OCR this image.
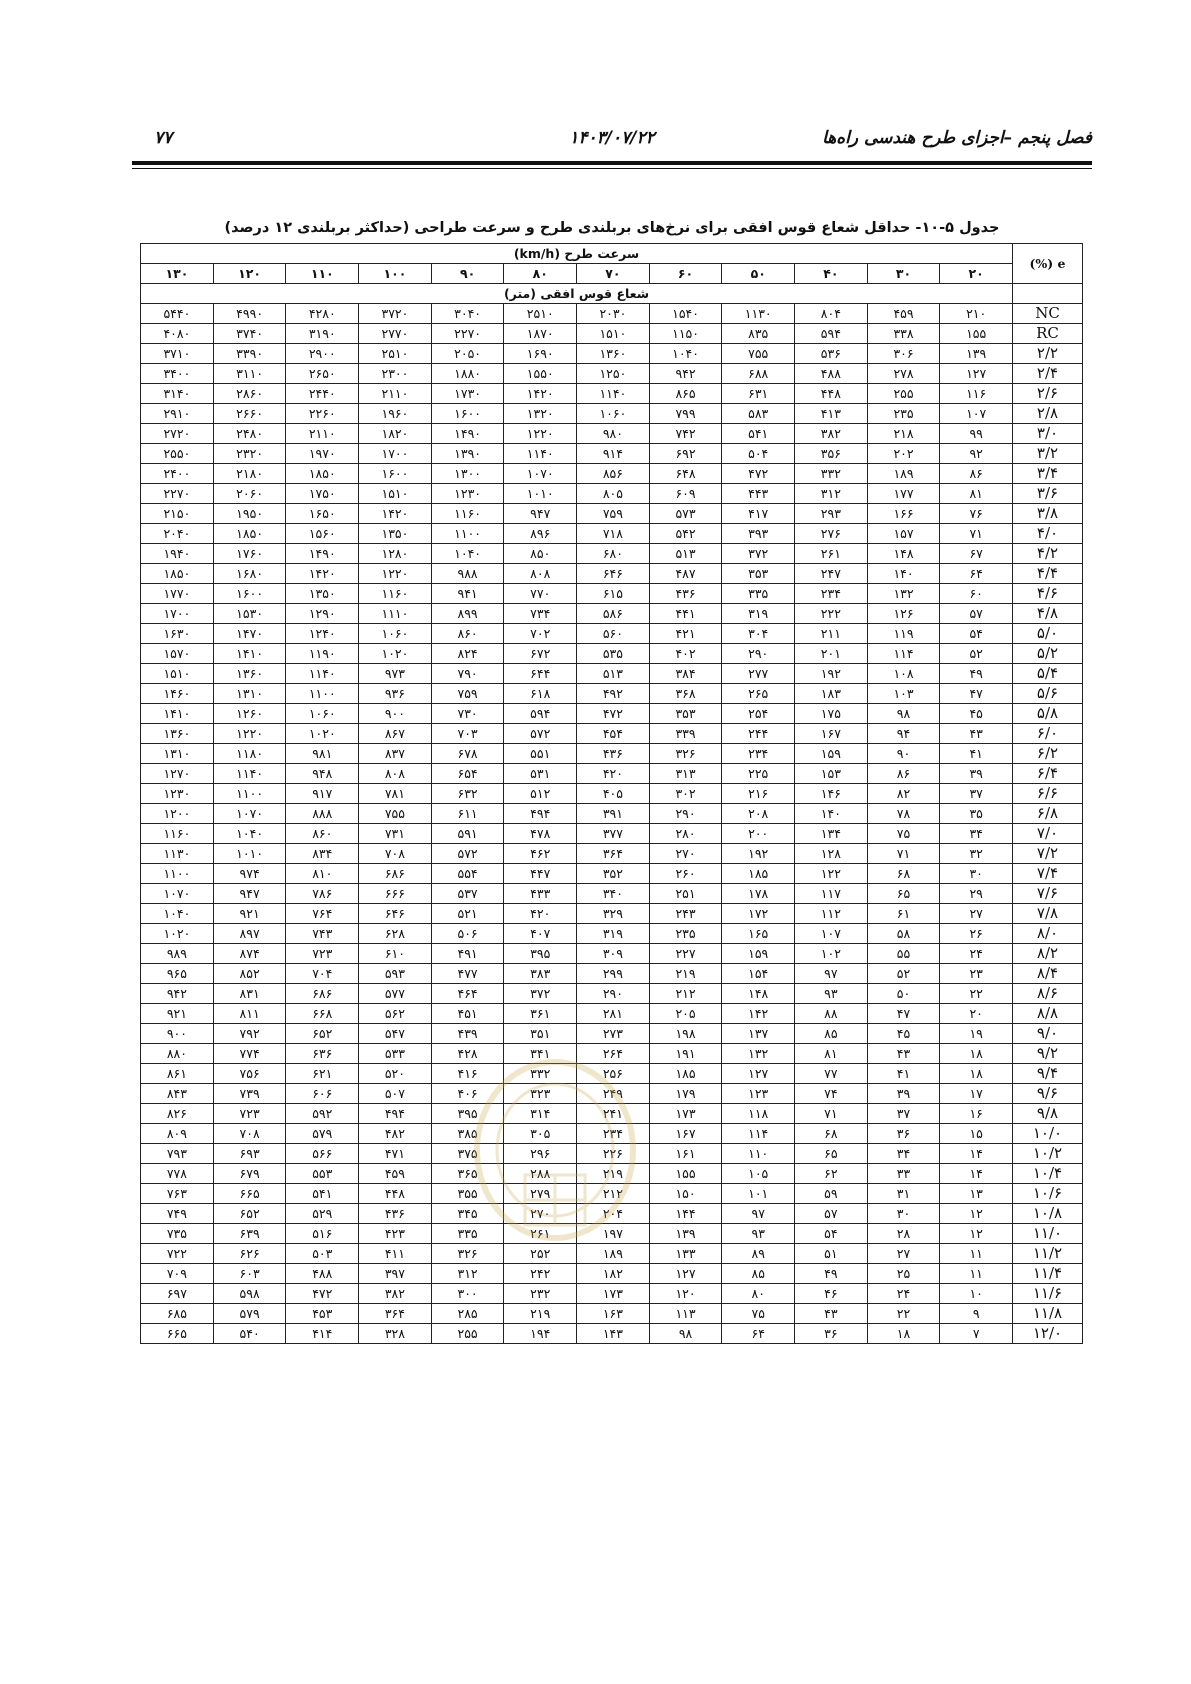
فصل پنجم –اجزای طرح هندسی راه‌ها
۱۴۰۳/۰۷/۲۲
۷۷
جدول ۵-۱۰- حداقل شعاع قوس افقی برای نرخ‌های بربلندی طرح و سرعت طراحی (حداکثر بربلندی ۱۲ درصد)
e (%)	سرعت طرح (km/h)											
	۲۰	۳۰	۴۰	۵۰	۶۰	۷۰	۸۰	۹۰	۱۰۰	۱۱۰	۱۲۰	۱۳۰
	شعاع قوس افقی (متر)											
NC	۲۱۰	۴۵۹	۸۰۴	۱۱۳۰	۱۵۴۰	۲۰۳۰	۲۵۱۰	۳۰۴۰	۳۷۲۰	۴۲۸۰	۴۹۹۰	۵۴۴۰
RC	۱۵۵	۳۳۸	۵۹۴	۸۳۵	۱۱۵۰	۱۵۱۰	۱۸۷۰	۲۲۷۰	۲۷۷۰	۳۱۹۰	۳۷۴۰	۴۰۸۰
۲/۲	۱۳۹	۳۰۶	۵۳۶	۷۵۵	۱۰۴۰	۱۳۶۰	۱۶۹۰	۲۰۵۰	۲۵۱۰	۲۹۰۰	۳۳۹۰	۳۷۱۰
۲/۴	۱۲۷	۲۷۸	۴۸۸	۶۸۸	۹۴۲	۱۲۵۰	۱۵۵۰	۱۸۸۰	۲۳۰۰	۲۶۵۰	۳۱۱۰	۳۴۰۰
۲/۶	۱۱۶	۲۵۵	۴۴۸	۶۳۱	۸۶۵	۱۱۴۰	۱۴۲۰	۱۷۳۰	۲۱۱۰	۲۴۴۰	۲۸۶۰	۳۱۴۰
۲/۸	۱۰۷	۲۳۵	۴۱۳	۵۸۳	۷۹۹	۱۰۶۰	۱۳۲۰	۱۶۰۰	۱۹۶۰	۲۲۶۰	۲۶۶۰	۲۹۱۰
۳/۰	۹۹	۲۱۸	۳۸۲	۵۴۱	۷۴۲	۹۸۰	۱۲۲۰	۱۴۹۰	۱۸۲۰	۲۱۱۰	۲۴۸۰	۲۷۲۰
۳/۲	۹۲	۲۰۲	۳۵۶	۵۰۴	۶۹۲	۹۱۴	۱۱۴۰	۱۳۹۰	۱۷۰۰	۱۹۷۰	۲۳۲۰	۲۵۵۰
۳/۴	۸۶	۱۸۹	۳۳۲	۴۷۲	۶۴۸	۸۵۶	۱۰۷۰	۱۳۰۰	۱۶۰۰	۱۸۵۰	۲۱۸۰	۲۴۰۰
۳/۶	۸۱	۱۷۷	۳۱۲	۴۴۳	۶۰۹	۸۰۵	۱۰۱۰	۱۲۳۰	۱۵۱۰	۱۷۵۰	۲۰۶۰	۲۲۷۰
۳/۸	۷۶	۱۶۶	۲۹۳	۴۱۷	۵۷۳	۷۵۹	۹۴۷	۱۱۶۰	۱۴۲۰	۱۶۵۰	۱۹۵۰	۲۱۵۰
۴/۰	۷۱	۱۵۷	۲۷۶	۳۹۳	۵۴۲	۷۱۸	۸۹۶	۱۱۰۰	۱۳۵۰	۱۵۶۰	۱۸۵۰	۲۰۴۰
۴/۲	۶۷	۱۴۸	۲۶۱	۳۷۲	۵۱۳	۶۸۰	۸۵۰	۱۰۴۰	۱۲۸۰	۱۴۹۰	۱۷۶۰	۱۹۴۰
۴/۴	۶۴	۱۴۰	۲۴۷	۳۵۳	۴۸۷	۶۴۶	۸۰۸	۹۸۸	۱۲۲۰	۱۴۲۰	۱۶۸۰	۱۸۵۰
۴/۶	۶۰	۱۳۲	۲۳۴	۳۳۵	۴۳۶	۶۱۵	۷۷۰	۹۴۱	۱۱۶۰	۱۳۵۰	۱۶۰۰	۱۷۷۰
۴/۸	۵۷	۱۲۶	۲۲۲	۳۱۹	۴۴۱	۵۸۶	۷۳۴	۸۹۹	۱۱۱۰	۱۲۹۰	۱۵۳۰	۱۷۰۰
۵/۰	۵۴	۱۱۹	۲۱۱	۳۰۴	۴۲۱	۵۶۰	۷۰۲	۸۶۰	۱۰۶۰	۱۲۴۰	۱۴۷۰	۱۶۳۰
۵/۲	۵۲	۱۱۴	۲۰۱	۲۹۰	۴۰۲	۵۳۵	۶۷۲	۸۲۴	۱۰۲۰	۱۱۹۰	۱۴۱۰	۱۵۷۰
۵/۴	۴۹	۱۰۸	۱۹۲	۲۷۷	۳۸۴	۵۱۳	۶۴۴	۷۹۰	۹۷۳	۱۱۴۰	۱۳۶۰	۱۵۱۰
۵/۶	۴۷	۱۰۳	۱۸۳	۲۶۵	۳۶۸	۴۹۲	۶۱۸	۷۵۹	۹۳۶	۱۱۰۰	۱۳۱۰	۱۴۶۰
۵/۸	۴۵	۹۸	۱۷۵	۲۵۴	۳۵۳	۴۷۲	۵۹۴	۷۳۰	۹۰۰	۱۰۶۰	۱۲۶۰	۱۴۱۰
۶/۰	۴۳	۹۴	۱۶۷	۲۴۴	۳۳۹	۴۵۴	۵۷۲	۷۰۳	۸۶۷	۱۰۲۰	۱۲۲۰	۱۳۶۰
۶/۲	۴۱	۹۰	۱۵۹	۲۳۴	۳۲۶	۴۳۶	۵۵۱	۶۷۸	۸۳۷	۹۸۱	۱۱۸۰	۱۳۱۰
۶/۴	۳۹	۸۶	۱۵۳	۲۲۵	۳۱۳	۴۲۰	۵۳۱	۶۵۴	۸۰۸	۹۴۸	۱۱۴۰	۱۲۷۰
۶/۶	۳۷	۸۲	۱۴۶	۲۱۶	۳۰۲	۴۰۵	۵۱۲	۶۳۲	۷۸۱	۹۱۷	۱۱۰۰	۱۲۳۰
۶/۸	۳۵	۷۸	۱۴۰	۲۰۸	۲۹۰	۳۹۱	۴۹۴	۶۱۱	۷۵۵	۸۸۸	۱۰۷۰	۱۲۰۰
۷/۰	۳۴	۷۵	۱۳۴	۲۰۰	۲۸۰	۳۷۷	۴۷۸	۵۹۱	۷۳۱	۸۶۰	۱۰۴۰	۱۱۶۰
۷/۲	۳۲	۷۱	۱۲۸	۱۹۲	۲۷۰	۳۶۴	۴۶۲	۵۷۲	۷۰۸	۸۳۴	۱۰۱۰	۱۱۳۰
۷/۴	۳۰	۶۸	۱۲۲	۱۸۵	۲۶۰	۳۵۲	۴۴۷	۵۵۴	۶۸۶	۸۱۰	۹۷۴	۱۱۰۰
۷/۶	۲۹	۶۵	۱۱۷	۱۷۸	۲۵۱	۳۴۰	۴۳۳	۵۳۷	۶۶۶	۷۸۶	۹۴۷	۱۰۷۰
۷/۸	۲۷	۶۱	۱۱۲	۱۷۲	۲۴۳	۳۲۹	۴۲۰	۵۲۱	۶۴۶	۷۶۴	۹۲۱	۱۰۴۰
۸/۰	۲۶	۵۸	۱۰۷	۱۶۵	۲۳۵	۳۱۹	۴۰۷	۵۰۶	۶۲۸	۷۴۳	۸۹۷	۱۰۲۰
۸/۲	۲۴	۵۵	۱۰۲	۱۵۹	۲۲۷	۳۰۹	۳۹۵	۴۹۱	۶۱۰	۷۲۳	۸۷۴	۹۸۹
۸/۴	۲۳	۵۲	۹۷	۱۵۴	۲۱۹	۲۹۹	۳۸۳	۴۷۷	۵۹۳	۷۰۴	۸۵۲	۹۶۵
۸/۶	۲۲	۵۰	۹۳	۱۴۸	۲۱۲	۲۹۰	۳۷۲	۴۶۴	۵۷۷	۶۸۶	۸۳۱	۹۴۲
۸/۸	۲۰	۴۷	۸۸	۱۴۲	۲۰۵	۲۸۱	۳۶۱	۴۵۱	۵۶۲	۶۶۸	۸۱۱	۹۲۱
۹/۰	۱۹	۴۵	۸۵	۱۳۷	۱۹۸	۲۷۳	۳۵۱	۴۳۹	۵۴۷	۶۵۲	۷۹۲	۹۰۰
۹/۲	۱۸	۴۳	۸۱	۱۳۲	۱۹۱	۲۶۴	۳۴۱	۴۲۸	۵۳۳	۶۳۶	۷۷۴	۸۸۰
۹/۴	۱۸	۴۱	۷۷	۱۲۷	۱۸۵	۲۵۶	۳۳۲	۴۱۶	۵۲۰	۶۲۱	۷۵۶	۸۶۱
۹/۶	۱۷	۳۹	۷۴	۱۲۳	۱۷۹	۲۴۹	۳۲۳	۴۰۶	۵۰۷	۶۰۶	۷۳۹	۸۴۳
۹/۸	۱۶	۳۷	۷۱	۱۱۸	۱۷۳	۲۴۱	۳۱۴	۳۹۵	۴۹۴	۵۹۲	۷۲۳	۸۲۶
۱۰/۰	۱۵	۳۶	۶۸	۱۱۴	۱۶۷	۲۳۴	۳۰۵	۳۸۵	۴۸۲	۵۷۹	۷۰۸	۸۰۹
۱۰/۲	۱۴	۳۴	۶۵	۱۱۰	۱۶۱	۲۲۶	۲۹۶	۳۷۵	۴۷۱	۵۶۶	۶۹۳	۷۹۳
۱۰/۴	۱۴	۳۳	۶۲	۱۰۵	۱۵۵	۲۱۹	۲۸۸	۳۶۵	۴۵۹	۵۵۳	۶۷۹	۷۷۸
۱۰/۶	۱۳	۳۱	۵۹	۱۰۱	۱۵۰	۲۱۲	۲۷۹	۳۵۵	۴۴۸	۵۴۱	۶۶۵	۷۶۳
۱۰/۸	۱۲	۳۰	۵۷	۹۷	۱۴۴	۲۰۴	۲۷۰	۳۴۵	۴۳۶	۵۲۹	۶۵۲	۷۴۹
۱۱/۰	۱۲	۲۸	۵۴	۹۳	۱۳۹	۱۹۷	۲۶۱	۳۳۵	۴۲۳	۵۱۶	۶۳۹	۷۳۵
۱۱/۲	۱۱	۲۷	۵۱	۸۹	۱۳۳	۱۸۹	۲۵۲	۳۲۶	۴۱۱	۵۰۳	۶۲۶	۷۲۲
۱۱/۴	۱۱	۲۵	۴۹	۸۵	۱۲۷	۱۸۲	۲۴۲	۳۱۲	۳۹۷	۴۸۸	۶۰۳	۷۰۹
۱۱/۶	۱۰	۲۴	۴۶	۸۰	۱۲۰	۱۷۳	۲۳۲	۳۰۰	۳۸۲	۴۷۲	۵۹۸	۶۹۷
۱۱/۸	۹	۲۲	۴۳	۷۵	۱۱۳	۱۶۳	۲۱۹	۲۸۵	۳۶۴	۴۵۳	۵۷۹	۶۸۵
۱۲/۰	۷	۱۸	۳۶	۶۴	۹۸	۱۴۳	۱۹۴	۲۵۵	۳۲۸	۴۱۴	۵۴۰	۶۶۵
